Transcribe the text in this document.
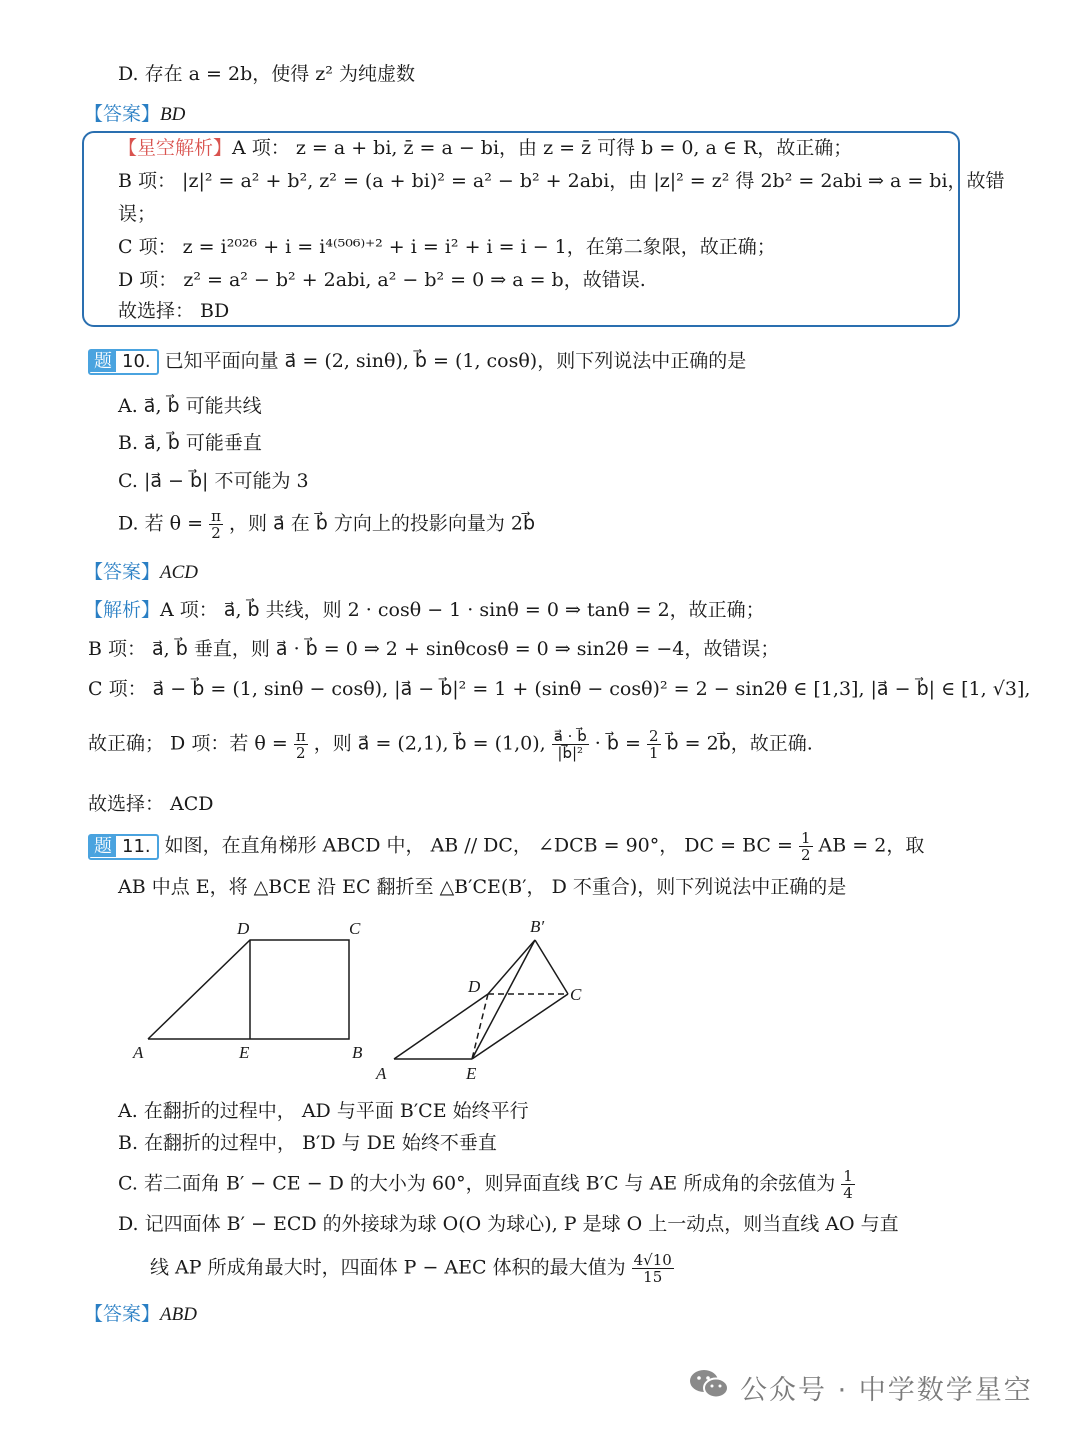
D. 存在 a = 2b，使得 z² 为纯虚数
【答案】BD
【星空解析】A 项： z = a + bi, z̄ = a − bi，由 z = z̄ 可得 b = 0, a ∈ R，故正确；
B 项： |z|² = a² + b², z² = (a + bi)² = a² − b² + 2abi，由 |z|² = z² 得 2b² = 2abi ⇒ a = bi，故错
误；
C 项： z = i²⁰²⁶ + i = i⁴⁽⁵⁰⁶⁾⁺² + i = i² + i = i − 1，在第二象限，故正确；
D 项： z² = a² − b² + 2abi, a² − b² = 0 ⇒ a = b，故错误.
故选择： BD
题 10. 已知平面向量 a⃗ = (2, sinθ), b⃗ = (1, cosθ)，则下列说法中正确的是
A. a⃗, b⃗ 可能共线
B. a⃗, b⃗ 可能垂直
C. |a⃗ − b⃗| 不可能为 3
D. 若 $\theta = \frac{\pi}{2}$ ，则 a⃗ 在 b⃗ 方向上的投影向量为 2b⃗
【答案】ACD
【解析】A 项： a⃗, b⃗ 共线，则 2 · cosθ − 1 · sinθ = 0 ⇒ tanθ = 2，故正确；
B 项： a⃗, b⃗ 垂直，则 a⃗ · b⃗ = 0 ⇒ 2 + sinθcosθ = 0 ⇒ sin2θ = −4，故错误；
C 项： a⃗ − b⃗ = (1, sinθ − cosθ), |a⃗ − b⃗|² = 1 + (sinθ − cosθ)² = 2 − sin2θ ∈ [1,3], |a⃗ − b⃗| ∈ [1, √3],
故正确； D 项：若 $\theta = \frac{\pi}{2}$ ，则 a⃗ = (2,1), b⃗ = (1,0), $\frac{a⃗ \cdot b⃗}{\text{|b⃗|²}}$ · b⃗ = $\frac{2}{1}$ b⃗ = 2b⃗，故正确.
故选择： ACD
题 11. 如图，在直角梯形 ABCD 中， AB // DC， ∠DCB = 90°， DC = BC = $\frac{1}{2}$ AB = 2，取
AB 中点 E，将 △BCE 沿 EC 翻折至 △B′CE(B′， D 不重合)，则下列说法中正确的是
D	C
A	E	B
B′
D	C
A	E
A. 在翻折的过程中， AD 与平面 B′CE 始终平行
B. 在翻折的过程中， B′D 与 DE 始终不垂直
C. 若二面角 B′ − CE − D 的大小为 60°，则异面直线 B′C 与 AE 所成角的余弦值为 $\frac{1}{4}$
D. 记四面体 B′ − ECD 的外接球为球 O(O 为球心), P 是球 O 上一动点，则当直线 AO 与直
线 AP 所成角最大时，四面体 P − AEC 体积的最大值为 $\frac{4√10}{15}$
【答案】ABD
公众号 · 中学数学星空
